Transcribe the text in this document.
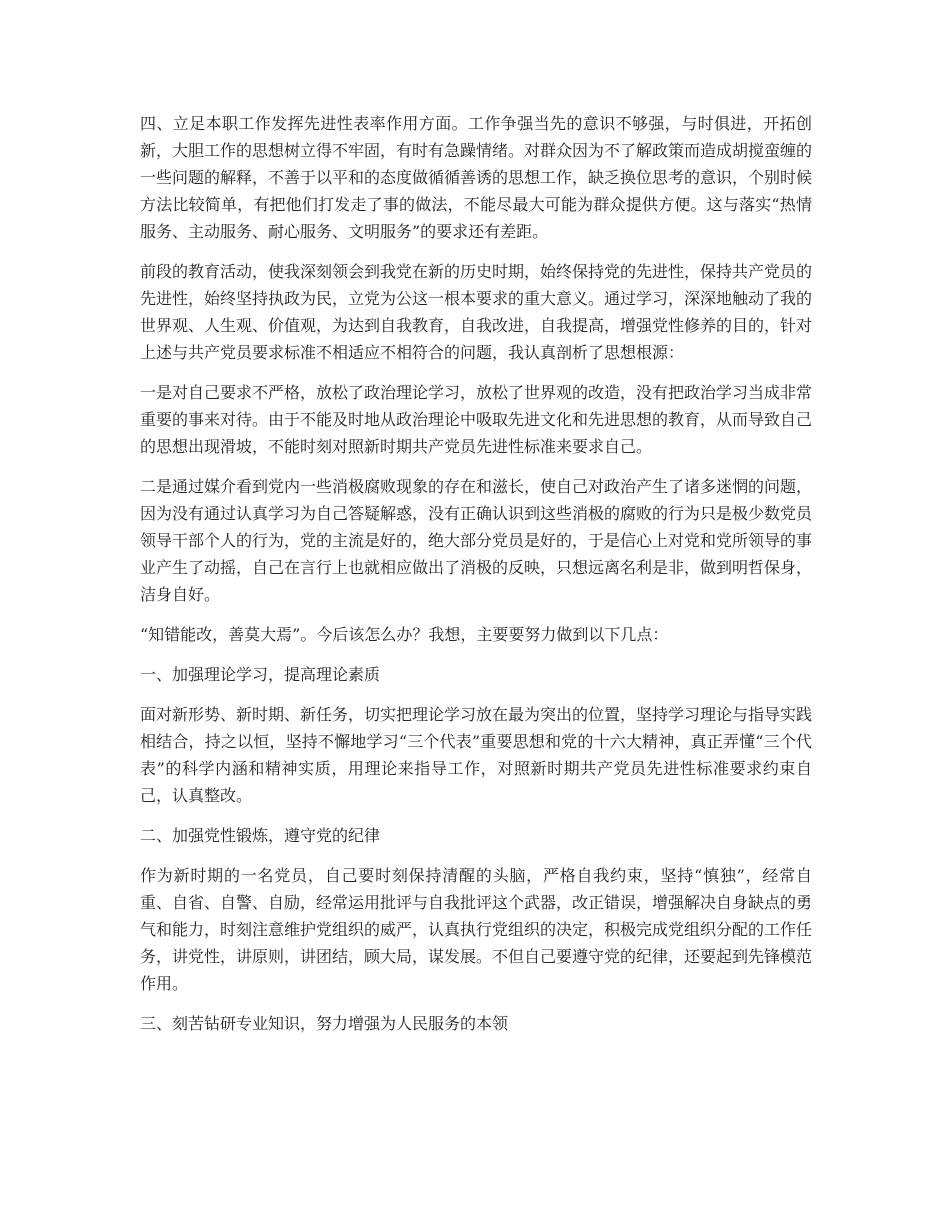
四、立足本职工作发挥先进性表率作用方面。工作争强当先的意识不够强，与时俱进，开拓创新，大胆工作的思想树立得不牢固，有时有急躁情绪。对群众因为不了解政策而造成胡搅蛮缠的一些问题的解释，不善于以平和的态度做循循善诱的思想工作，缺乏换位思考的意识，个别时候方法比较简单，有把他们打发走了事的做法，不能尽最大可能为群众提供方便。这与落实“热情服务、主动服务、耐心服务、文明服务”的要求还有差距。

前段的教育活动，使我深刻领会到我党在新的历史时期，始终保持党的先进性，保持共产党员的先进性，始终坚持执政为民，立党为公这一根本要求的重大意义。通过学习，深深地触动了我的世界观、人生观、价值观，为达到自我教育，自我改进，自我提高，增强党性修养的目的，针对上述与共产党员要求标准不相适应不相符合的问题，我认真剖析了思想根源：

一是对自己要求不严格，放松了政治理论学习，放松了世界观的改造，没有把政治学习当成非常重要的事来对待。由于不能及时地从政治理论中吸取先进文化和先进思想的教育，从而导致自己的思想出现滑坡，不能时刻对照新时期共产党员先进性标准来要求自己。

二是通过媒介看到党内一些消极腐败现象的存在和滋长，使自己对政治产生了诸多迷惘的问题，因为没有通过认真学习为自己答疑解惑，没有正确认识到这些消极的腐败的行为只是极少数党员领导干部个人的行为，党的主流是好的，绝大部分党员是好的，于是信心上对党和党所领导的事业产生了动摇，自己在言行上也就相应做出了消极的反映，只想远离名利是非，做到明哲保身，洁身自好。

“知错能改，善莫大焉”。今后该怎么办？我想，主要要努力做到以下几点：

一、加强理论学习，提高理论素质

面对新形势、新时期、新任务，切实把理论学习放在最为突出的位置，坚持学习理论与指导实践相结合，持之以恒，坚持不懈地学习“三个代表”重要思想和党的十六大精神，真正弄懂“三个代表”的科学内涵和精神实质，用理论来指导工作，对照新时期共产党员先进性标准要求约束自己，认真整改。

二、加强党性锻炼，遵守党的纪律

作为新时期的一名党员，自己要时刻保持清醒的头脑，严格自我约束，坚持“慎独”，经常自重、自省、自警、自励，经常运用批评与自我批评这个武器，改正错误，增强解决自身缺点的勇气和能力，时刻注意维护党组织的威严，认真执行党组织的决定，积极完成党组织分配的工作任务，讲党性，讲原则，讲团结，顾大局，谋发展。不但自己要遵守党的纪律，还要起到先锋模范作用。

三、刻苦钻研专业知识，努力增强为人民服务的本领
